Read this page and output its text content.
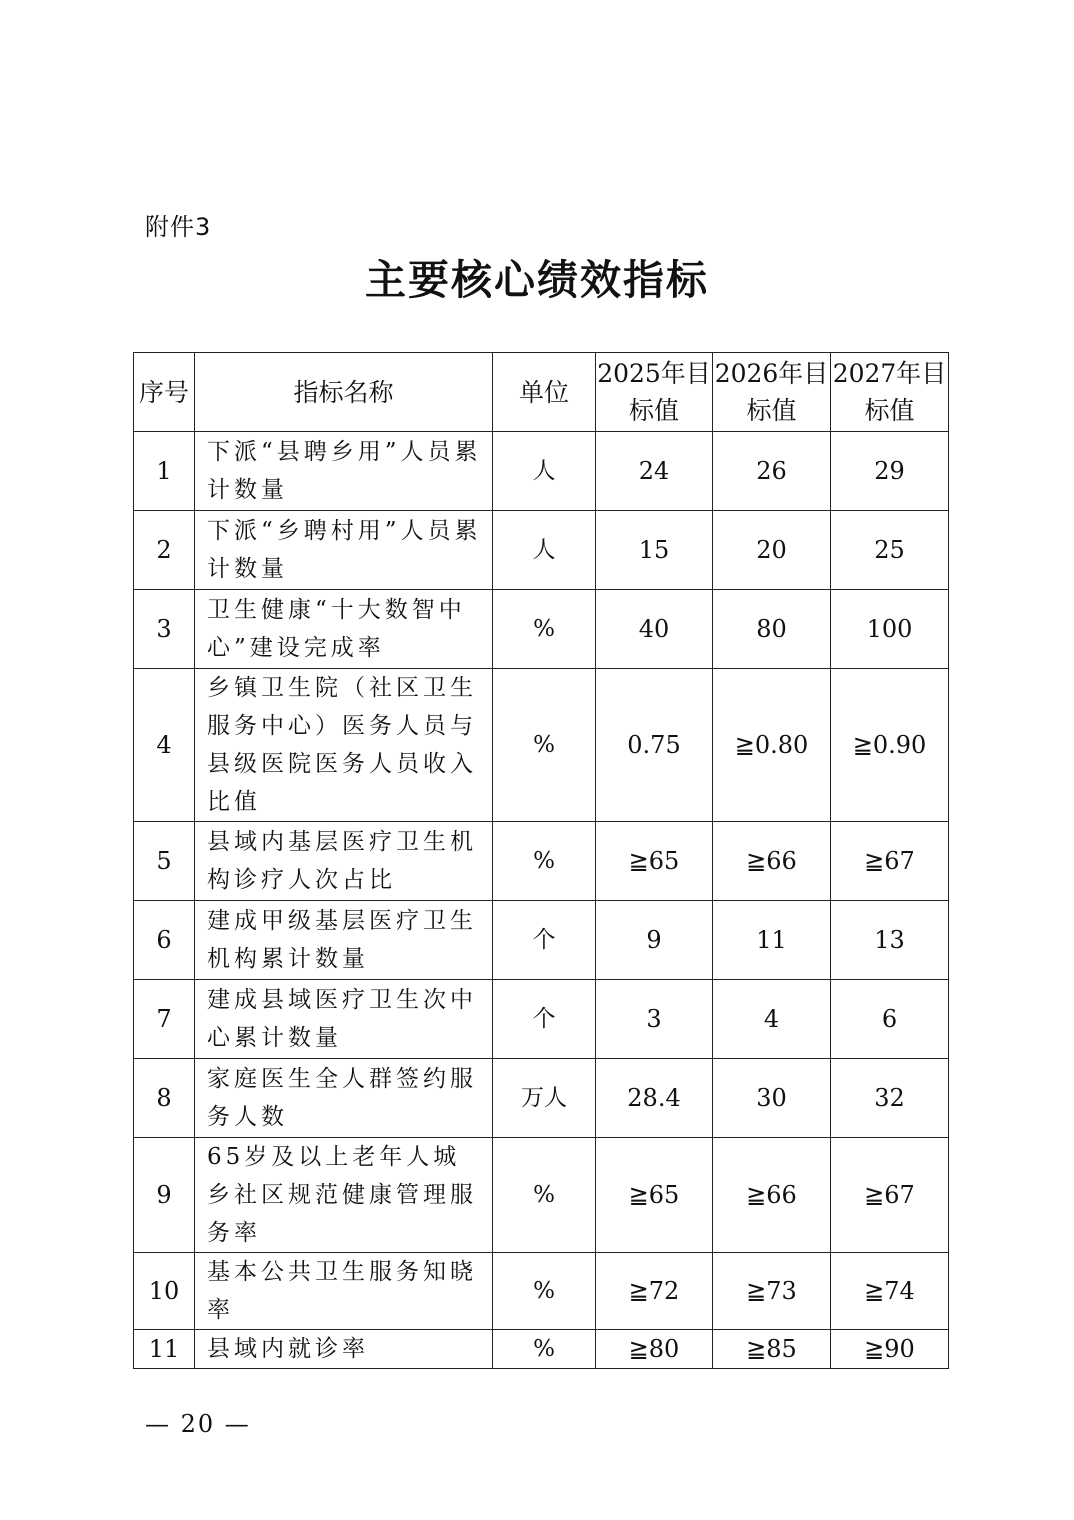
附件3
主要核心绩效指标
序号	指标名称	单位	2025年目标值	2026年目标值	2027年目标值
1	下派“县聘乡用”人员累计数量	人	24	26	29
2	下派“乡聘村用”人员累计数量	人	15	20	25
3	卫生健康“十大数智中心”建设完成率	%	40	80	100
4	乡镇卫生院（社区卫生服务中心）医务人员与县级医院医务人员收入比值	%	0.75	≧0.80	≧0.90
5	县域内基层医疗卫生机构诊疗人次占比	%	≧65	≧66	≧67
6	建成甲级基层医疗卫生机构累计数量	个	9	11	13
7	建成县域医疗卫生次中心累计数量	个	3	4	6
8	家庭医生全人群签约服务人数	万人	28.4	30	32
9	65岁及以上老年人城乡社区规范健康管理服务率	%	≧65	≧66	≧67
10	基本公共卫生服务知晓率	%	≧72	≧73	≧74
11	县域内就诊率	%	≧80	≧85	≧90
— 20 —
